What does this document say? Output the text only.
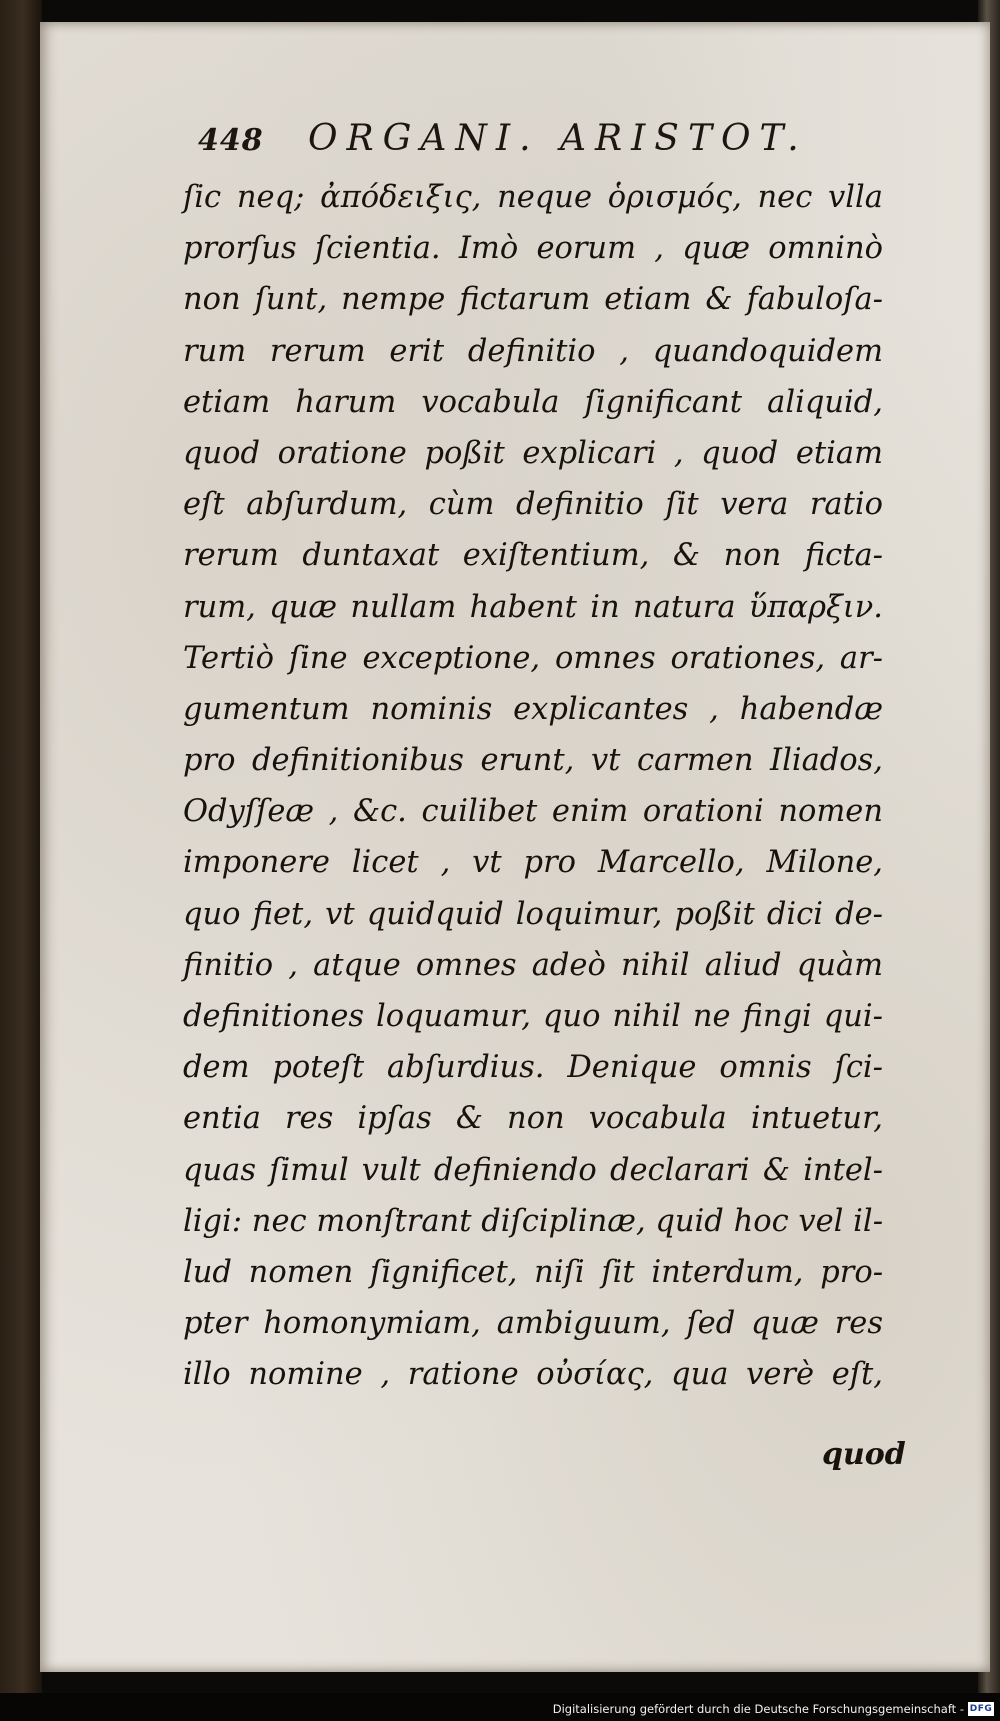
448	ORGANI. ARISTOT.
ſic neq; ἀπόδειξις, neque ὁρισμός, nec vlla
prorſus ſcientia. Imò eorum , quæ omninò
non ſunt, nempe fictarum etiam & fabuloſa-
rum rerum erit definitio , quandoquidem
etiam harum vocabula ſignificant aliquid,
quod oratione poßit explicari , quod etiam
eſt abſurdum, cùm definitio ſit vera ratio
rerum duntaxat exiſtentium, & non ficta-
rum, quæ nullam habent in natura ὕπαρξιν.
Tertiò ſine exceptione, omnes orationes, ar-
gumentum nominis explicantes , habendæ
pro definitionibus erunt, vt carmen Iliados,
Odyſſeæ , &c. cuilibet enim orationi nomen
imponere licet , vt pro Marcello, Milone,
quo fiet, vt quidquid loquimur, poßit dici de-
finitio , atque omnes adeò nihil aliud quàm
definitiones loquamur, quo nihil ne fingi qui-
dem poteſt abſurdius. Denique omnis ſci-
entia res ipſas & non vocabula intuetur,
quas ſimul vult definiendo declarari & intel-
ligi: nec monſtrant diſciplinæ, quid hoc vel il-
lud nomen ſignificet, niſi ſit interdum, pro-
pter homonymiam, ambiguum, ſed quæ res
illo nomine , ratione οὐσίας, qua verè eſt,
quod
Digitalisierung gefördert durch die Deutsche Forschungsgemeinschaft - DFG
